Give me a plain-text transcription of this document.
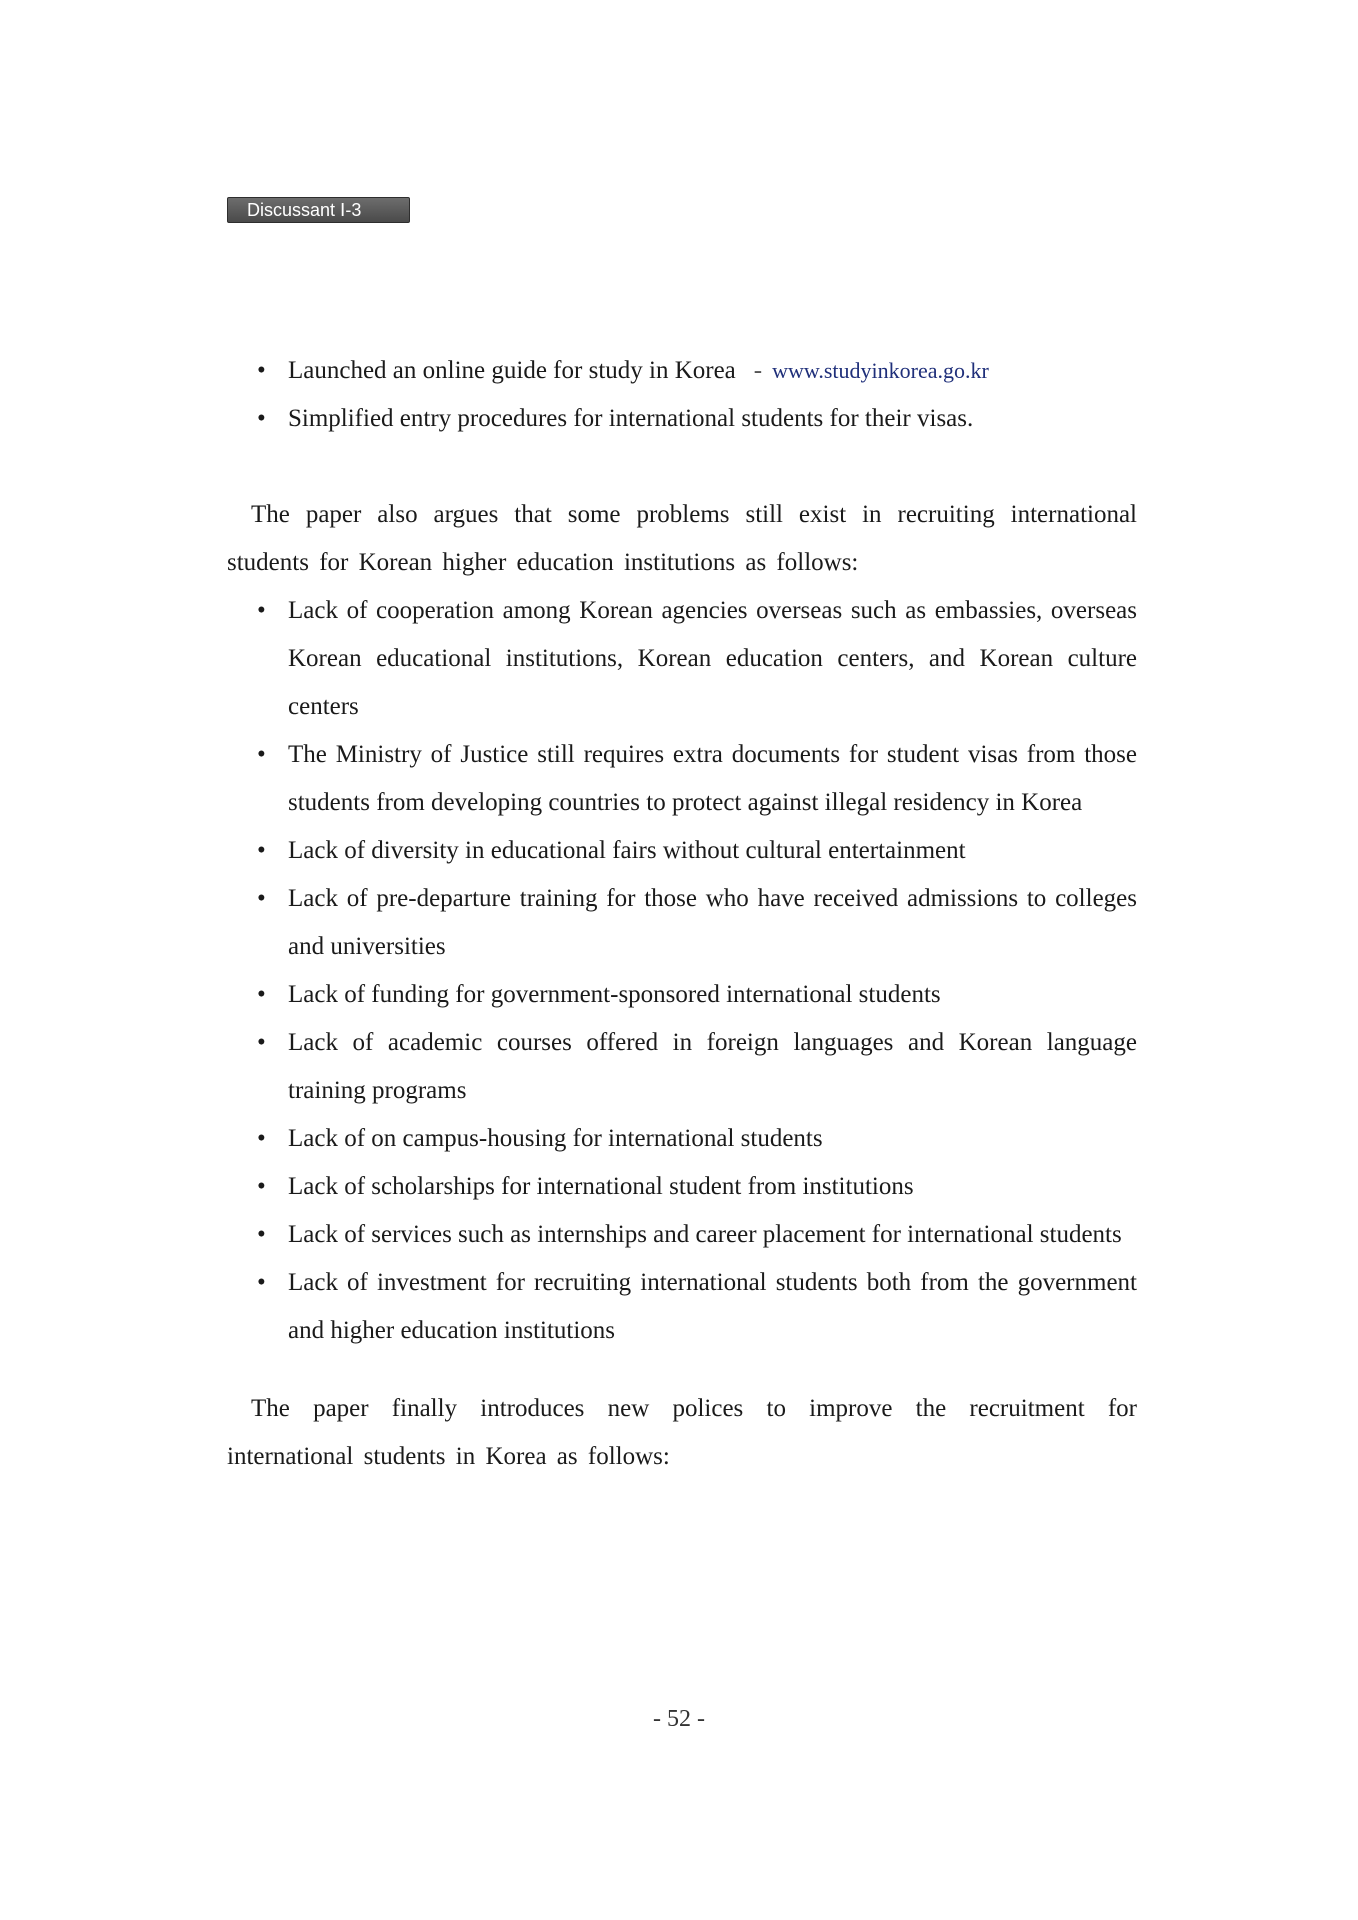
Discussant Ⅰ-3
• Launched an online guide for study in Korea - www.studyinkorea.go.kr
• Simplified entry procedures for international students for their visas.

The paper also argues that some problems still exist in recruiting international students for Korean higher education institutions as follows:

• Lack of cooperation among Korean agencies overseas such as embassies, overseas Korean educational institutions, Korean education centers, and Korean culture centers
• The Ministry of Justice still requires extra documents for student visas from those students from developing countries to protect against illegal residency in Korea
• Lack of diversity in educational fairs without cultural entertainment
• Lack of pre-departure training for those who have received admissions to colleges and universities
• Lack of funding for government-sponsored international students
• Lack of academic courses offered in foreign languages and Korean language training programs
• Lack of on campus-housing for international students
• Lack of scholarships for international student from institutions
• Lack of services such as internships and career placement for international students
• Lack of investment for recruiting international students both from the government and higher education institutions

The paper finally introduces new polices to improve the recruitment for international students in Korea as follows:

- 52 -
